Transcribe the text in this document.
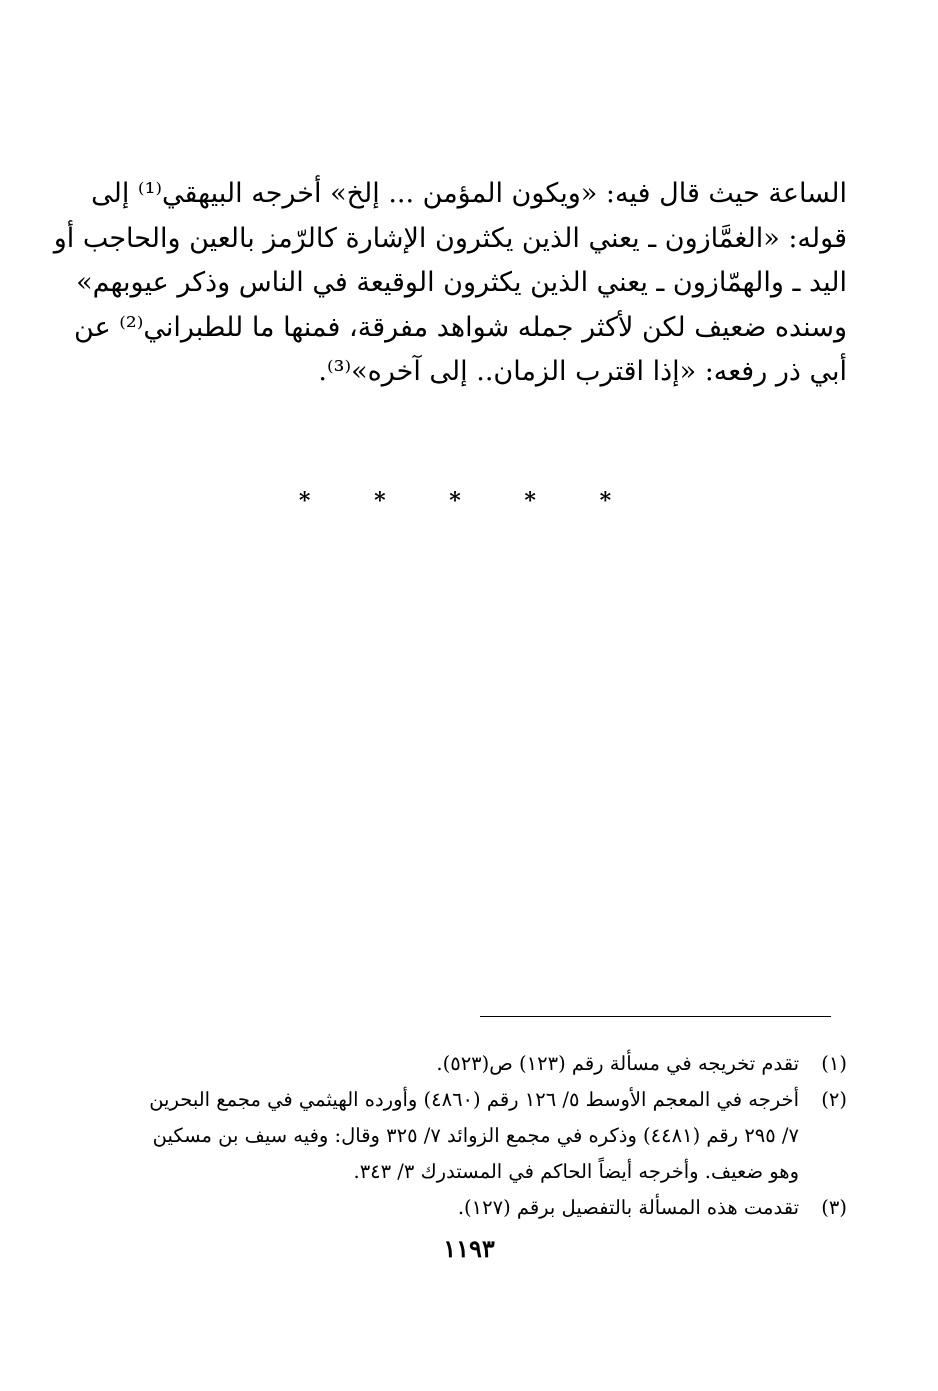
الساعة حيث قال فيه: «ويكون المؤمن ... إلخ» أخرجه البيهقي⁽¹⁾ إلى
قوله: «الغمَّازون ـ يعني الذين يكثرون الإشارة كالرّمز بالعين والحاجب أو
اليد ـ والهمّازون ـ يعني الذين يكثرون الوقيعة في الناس وذكر عيوبهم»
وسنده ضعيف لكن لأكثر جمله شواهد مفرقة، فمنها ما للطبراني⁽²⁾ عن
أبي ذر رفعه: «إذا اقترب الزمان.. إلى آخره»⁽³⁾.
* * * * *
(١)
تقدم تخريجه في مسألة رقم (١٢٣) ص(٥٢٣).
(٢)
أخرجه في المعجم الأوسط ٥/ ١٢٦ رقم (٤٨٦٠) وأورده الهيثمي في مجمع البحرين
٧/ ٢٩٥ رقم (٤٤٨١) وذكره في مجمع الزوائد ٧/ ٣٢٥ وقال: وفيه سيف بن مسكين
وهو ضعيف. وأخرجه أيضاً الحاكم في المستدرك ٣/ ٣٤٣.
(٣)
تقدمت هذه المسألة بالتفصيل برقم (١٢٧).
١١٩٣
